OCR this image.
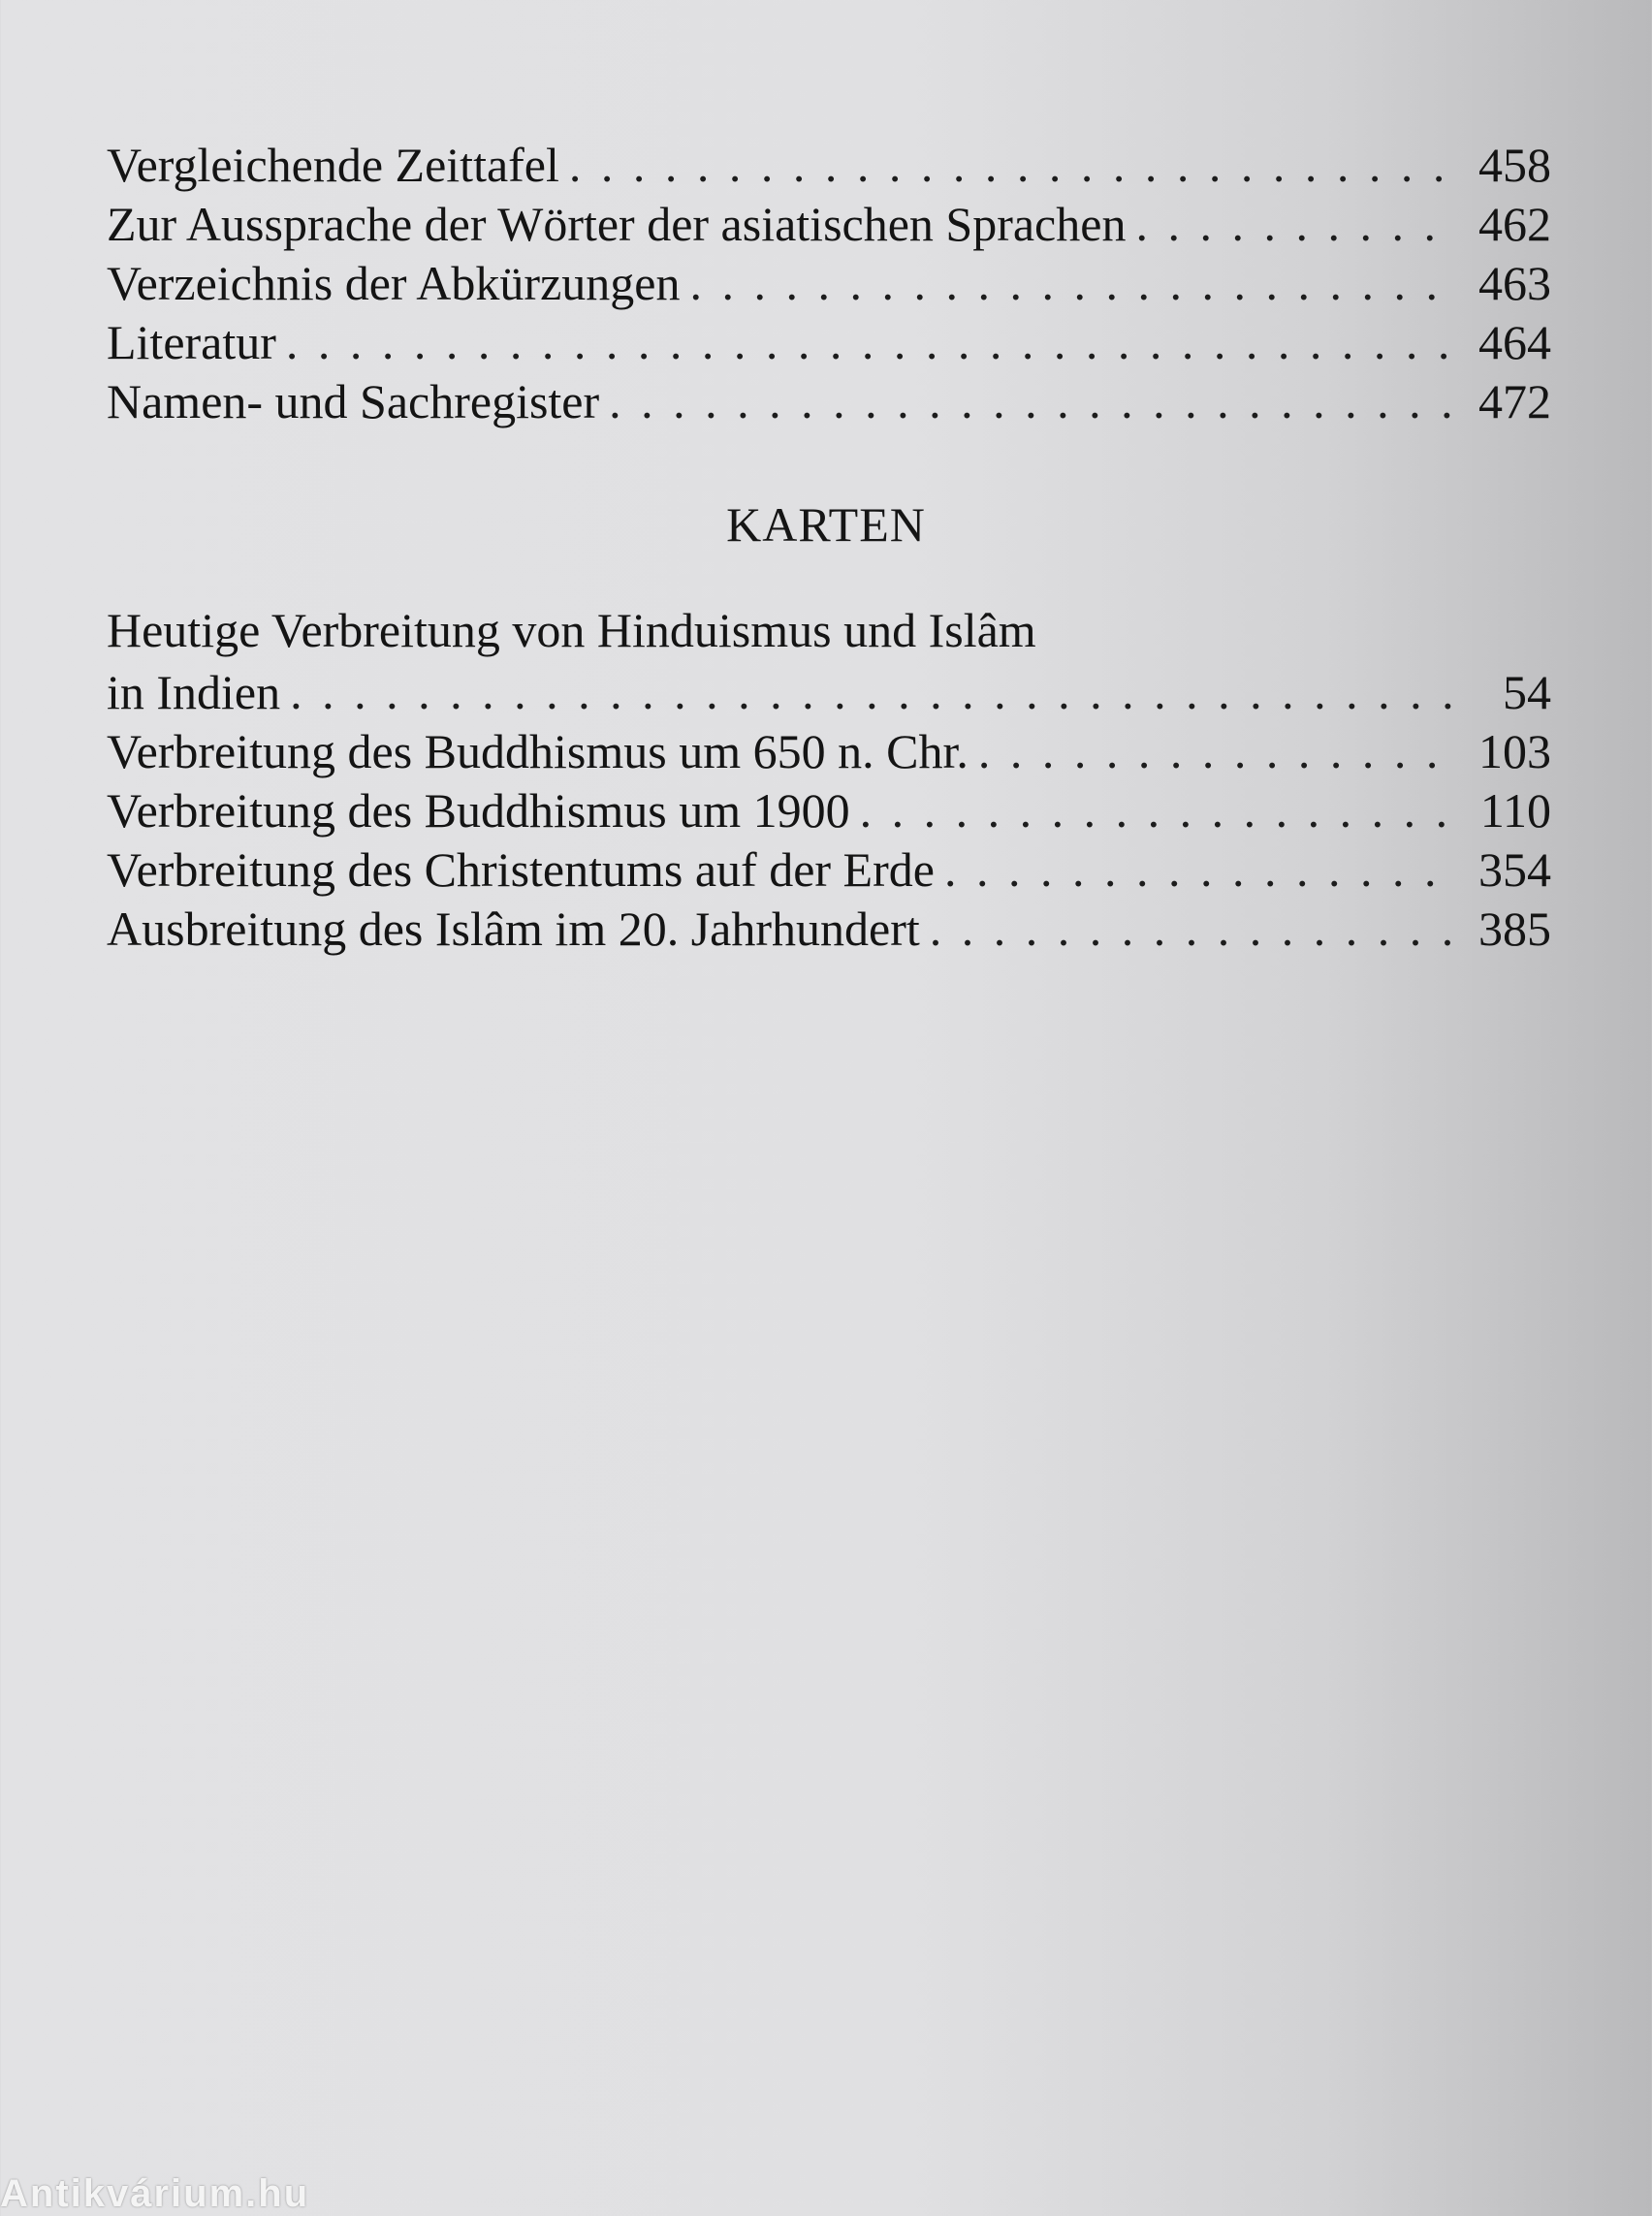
Vergleichende Zeittafel . . .	458
Zur Aussprache der Wörter der asiatischen Sprachen . . .	462
Verzeichnis der Abkürzungen . . .	463
Literatur . . .	464
Namen- und Sachregister . . .	472
KARTEN
Heutige Verbreitung von Hinduismus und Islâm
in Indien . . .	54
Verbreitung des Buddhismus um 650 n. Chr. . . .	103
Verbreitung des Buddhismus um 1900 . . .	110
Verbreitung des Christentums auf der Erde . . .	354
Ausbreitung des Islâm im 20. Jahrhundert . . .	385
Antikvárium.hu
